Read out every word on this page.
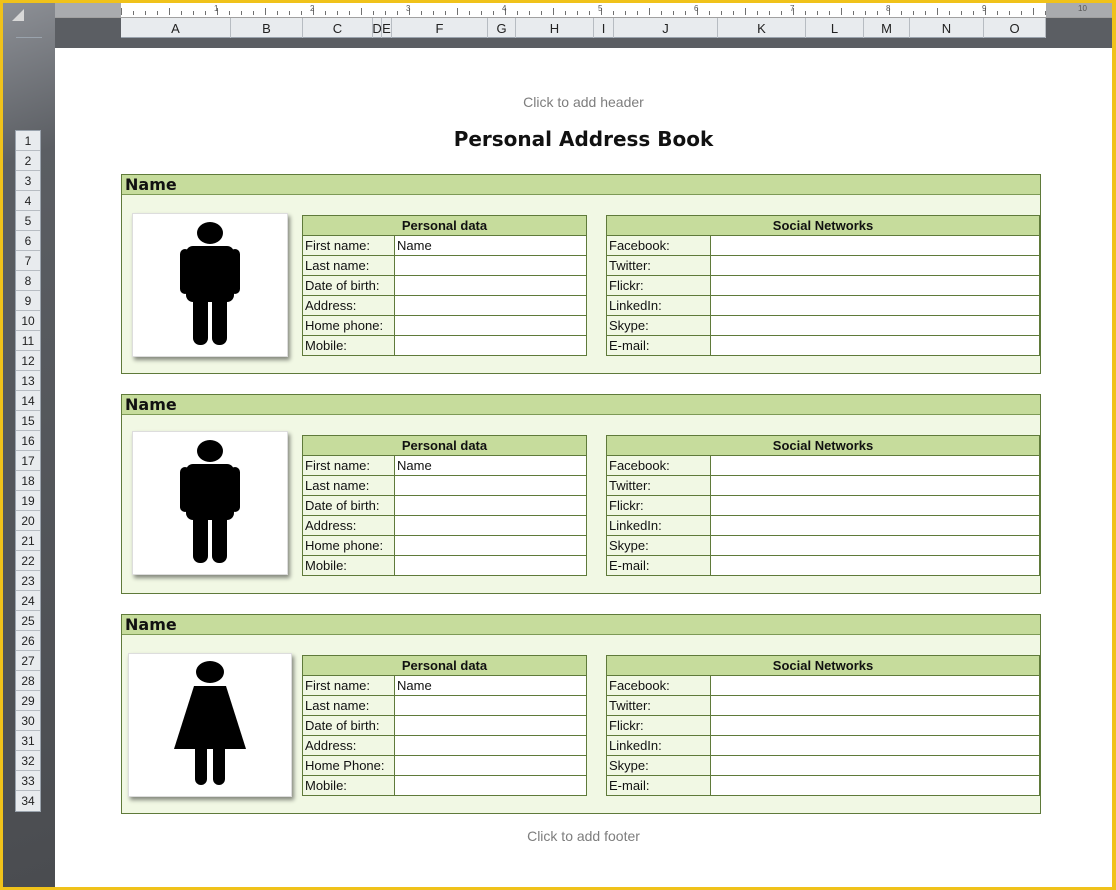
1	2	3	4	5	6	7	8	9	10
A	B	C	D E	F	G	H	I	J	K	L	M	N	O
1
2
3
4
5
6
7
8
9
10
11
12
13
14
15
16
17
18
19
20
21
22
23
24
25
26
27
28
29
30
31
32
33
34
Click to add header
Personal Address Book
Name
Personal data	
First name:	Name
Last name:	
Date of birth:	
Address:	
Home phone:	
Mobile:	
Social Networks	
Facebook:	
Twitter:	
Flickr:	
LinkedIn:	
Skype:	
E-mail:	
Name
Personal data	
First name:	Name
Last name:	
Date of birth:	
Address:	
Home phone:	
Mobile:	
Social Networks	
Facebook:	
Twitter:	
Flickr:	
LinkedIn:	
Skype:	
E-mail:	
Name
Personal data	
First name:	Name
Last name:	
Date of birth:	
Address:	
Home Phone:	
Mobile:	
Social Networks	
Facebook:	
Twitter:	
Flickr:	
LinkedIn:	
Skype:	
E-mail:	
Click to add footer
